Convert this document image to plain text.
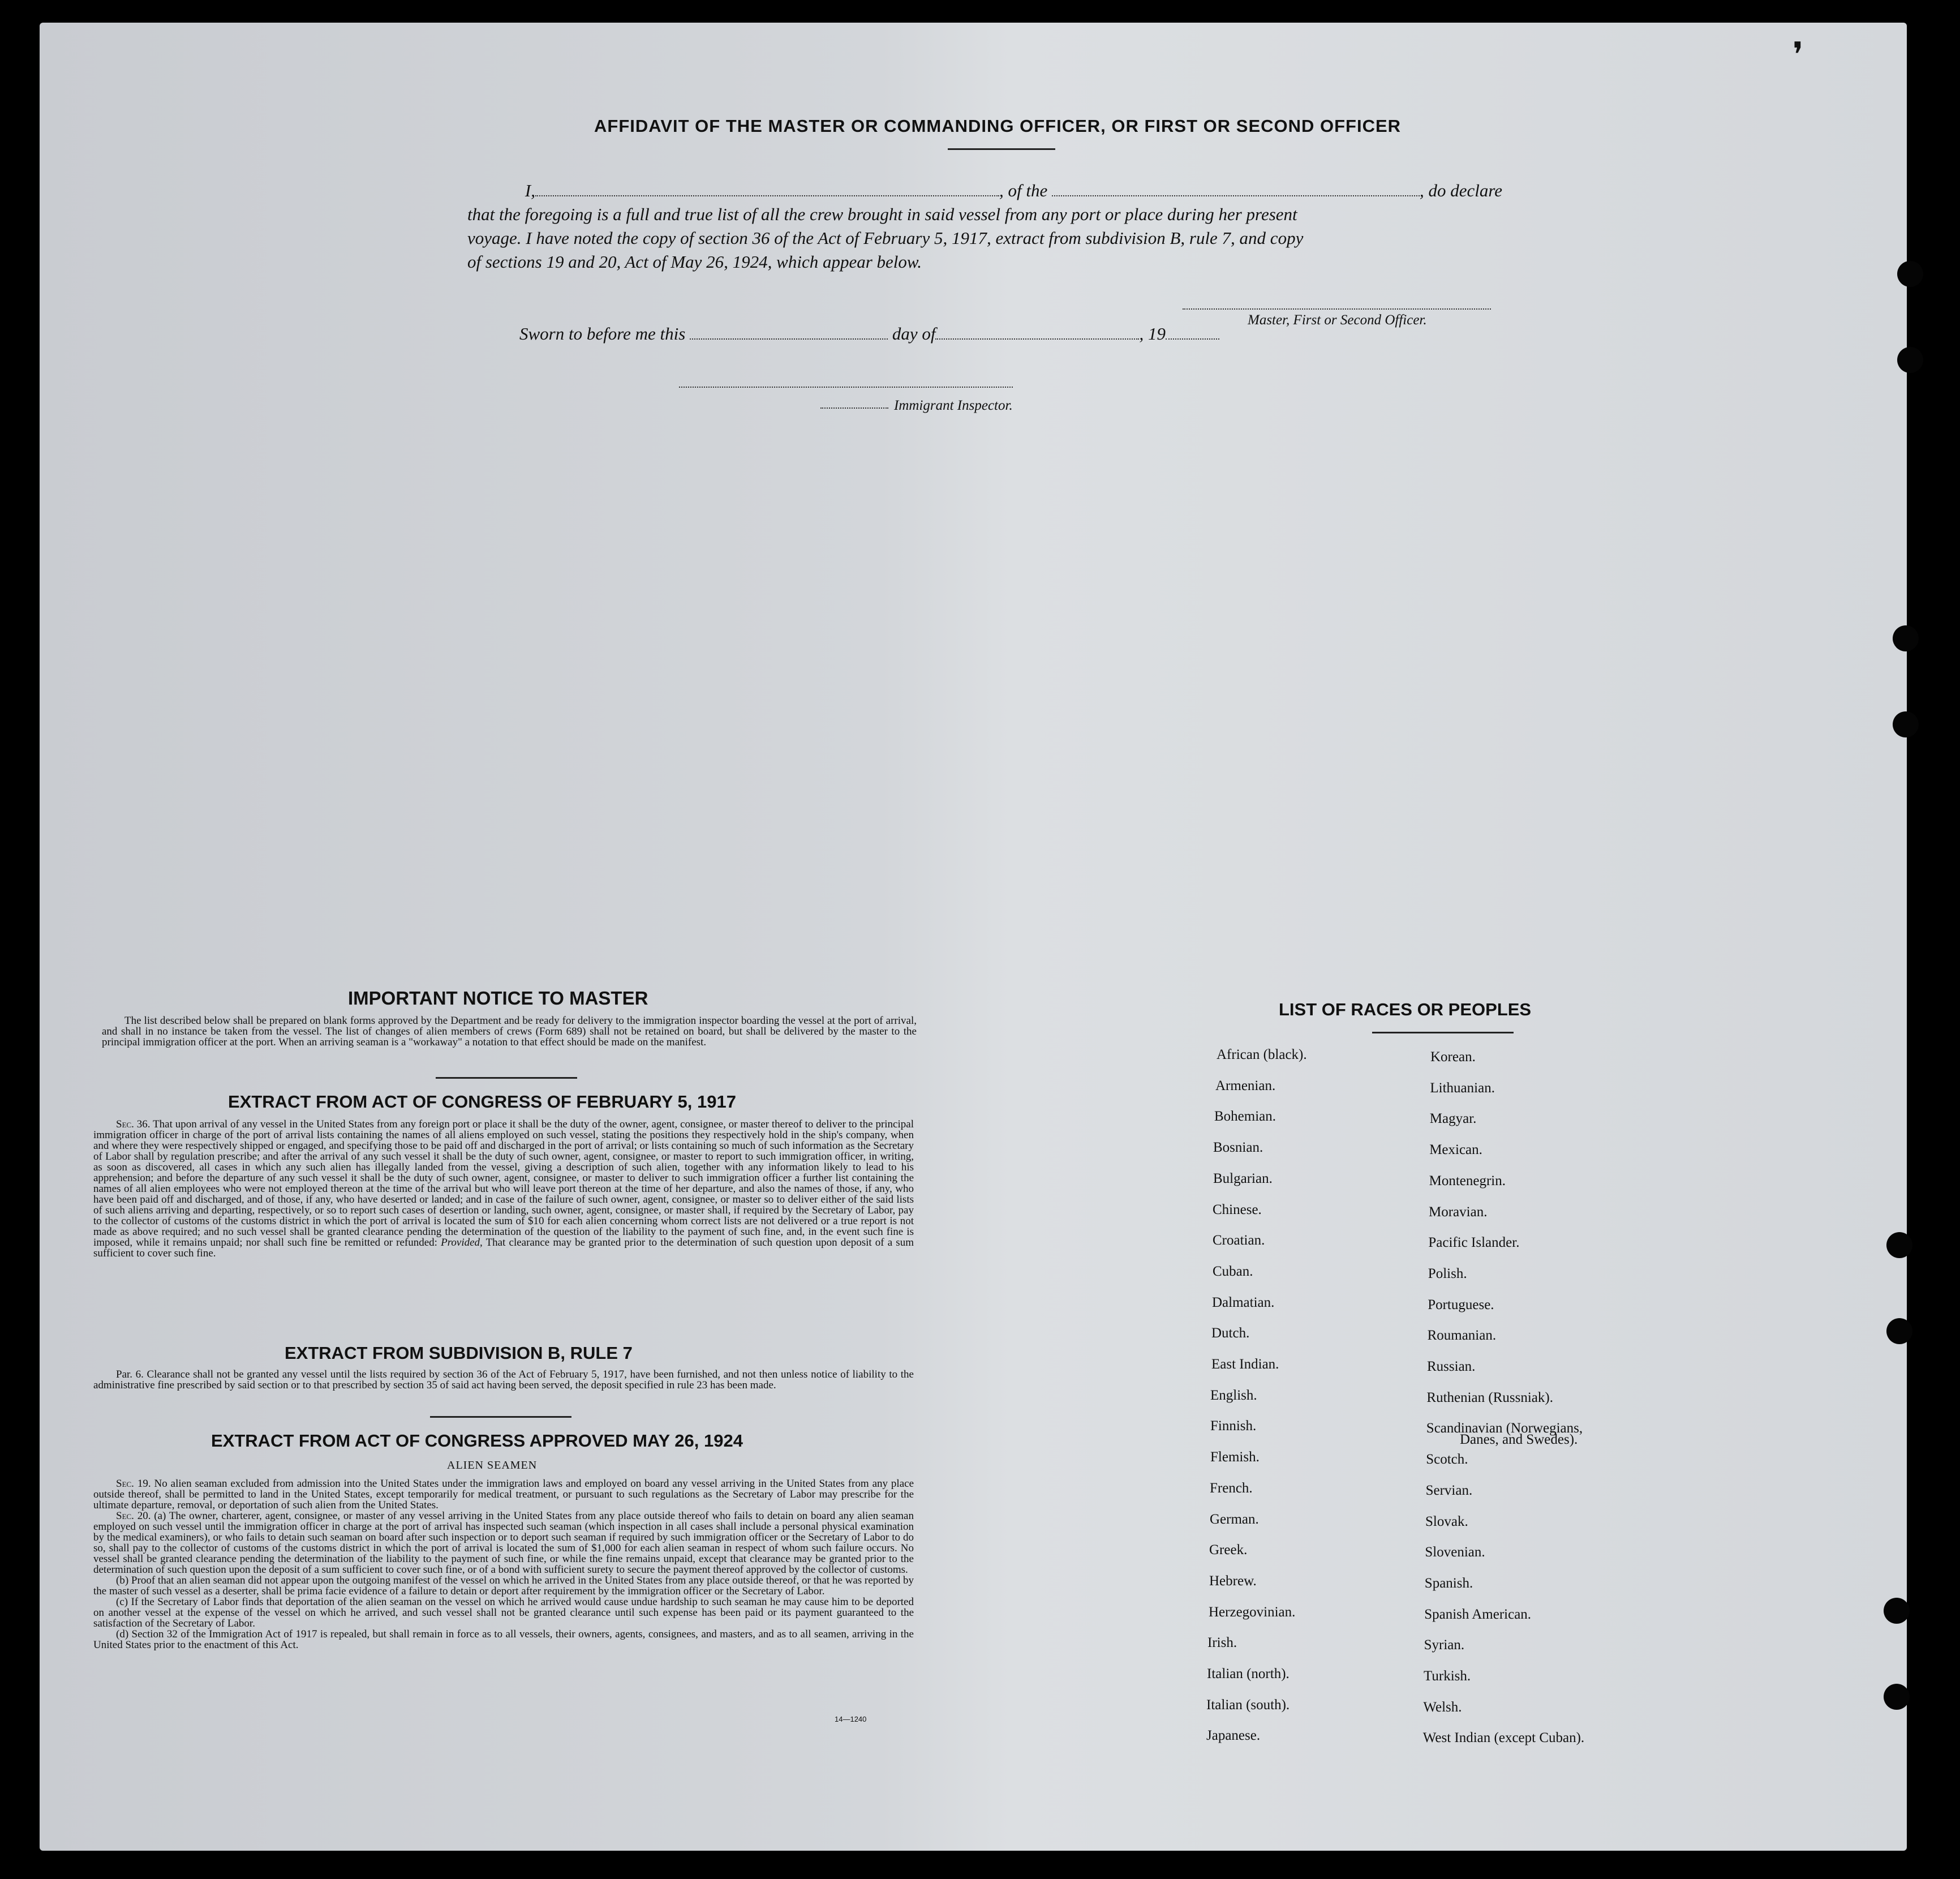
❜
AFFIDAVIT OF THE MASTER OR COMMANDING OFFICER, OR FIRST OR SECOND OFFICER
I,	, of the	, do declare
that the foregoing is a full and true list of all the crew brought in said vessel from any port or place during her present
voyage. I have noted the copy of section 36 of the Act of February 5, 1917, extract from subdivision B, rule 7, and copy
of sections 19 and 20, Act of May 26, 1924, which appear below.
Master, First or Second Officer.
Sworn to before me this	day of	, 19
Immigrant Inspector.
IMPORTANT NOTICE TO MASTER

The list described below shall be prepared on blank forms approved by the Department and be ready for delivery to the immigration inspector boarding the vessel at the port of arrival, and shall in no instance be taken from the vessel. The list of changes of alien members of crews (Form 689) shall not be retained on board, but shall be delivered by the master to the principal immigration officer at the port. When an arriving seaman is a "workaway" a notation to that effect should be made on the manifest.

EXTRACT FROM ACT OF CONGRESS OF FEBRUARY 5, 1917

Sec. 36. That upon arrival of any vessel in the United States from any foreign port or place it shall be the duty of the owner, agent, consignee, or master thereof to deliver to the principal immigration officer in charge of the port of arrival lists containing the names of all aliens employed on such vessel, stating the positions they respectively hold in the ship's company, when and where they were respectively shipped or engaged, and specifying those to be paid off and discharged in the port of arrival; or lists containing so much of such information as the Secretary of Labor shall by regulation prescribe; and after the arrival of any such vessel it shall be the duty of such owner, agent, consignee, or master to report to such immigration officer, in writing, as soon as discovered, all cases in which any such alien has illegally landed from the vessel, giving a description of such alien, together with any information likely to lead to his apprehension; and before the departure of any such vessel it shall be the duty of such owner, agent, consignee, or master to deliver to such immigration officer a further list containing the names of all alien employees who were not employed thereon at the time of the arrival but who will leave port thereon at the time of her departure, and also the names of those, if any, who have been paid off and discharged, and of those, if any, who have deserted or landed; and in case of the failure of such owner, agent, consignee, or master so to deliver either of the said lists of such aliens arriving and departing, respectively, or so to report such cases of desertion or landing, such owner, agent, consignee, or master shall, if required by the Secretary of Labor, pay to the collector of customs of the customs district in which the port of arrival is located the sum of $10 for each alien concerning whom correct lists are not delivered or a true report is not made as above required; and no such vessel shall be granted clearance pending the determination of the question of the liability to the payment of such fine, and, in the event such fine is imposed, while it remains unpaid; nor shall such fine be remitted or refunded: Provided, That clearance may be granted prior to the determination of such question upon deposit of a sum sufficient to cover such fine.

EXTRACT FROM SUBDIVISION B, RULE 7

Par. 6. Clearance shall not be granted any vessel until the lists required by section 36 of the Act of February 5, 1917, have been furnished, and not then unless notice of liability to the administrative fine prescribed by said section or to that prescribed by section 35 of said act having been served, the deposit specified in rule 23 has been made.

EXTRACT FROM ACT OF CONGRESS APPROVED MAY 26, 1924
ALIEN SEAMEN

Sec. 19. No alien seaman excluded from admission into the United States under the immigration laws and employed on board any vessel arriving in the United States from any place outside thereof, shall be permitted to land in the United States, except temporarily for medical treatment, or pursuant to such regulations as the Secretary of Labor may prescribe for the ultimate departure, removal, or deportation of such alien from the United States.

Sec. 20. (a) The owner, charterer, agent, consignee, or master of any vessel arriving in the United States from any place outside thereof who fails to detain on board any alien seaman employed on such vessel until the immigration officer in charge at the port of arrival has inspected such seaman (which inspection in all cases shall include a personal physical examination by the medical examiners), or who fails to detain such seaman on board after such inspection or to deport such seaman if required by such immigration officer or the Secretary of Labor to do so, shall pay to the collector of customs of the customs district in which the port of arrival is located the sum of $1,000 for each alien seaman in respect of whom such failure occurs. No vessel shall be granted clearance pending the determination of the liability to the payment of such fine, or while the fine remains unpaid, except that clearance may be granted prior to the determination of such question upon the deposit of a sum sufficient to cover such fine, or of a bond with sufficient surety to secure the payment thereof approved by the collector of customs.

(b) Proof that an alien seaman did not appear upon the outgoing manifest of the vessel on which he arrived in the United States from any place outside thereof, or that he was reported by the master of such vessel as a deserter, shall be prima facie evidence of a failure to detain or deport after requirement by the immigration officer or the Secretary of Labor.

(c) If the Secretary of Labor finds that deportation of the alien seaman on the vessel on which he arrived would cause undue hardship to such seaman he may cause him to be deported on another vessel at the expense of the vessel on which he arrived, and such vessel shall not be granted clearance until such expense has been paid or its payment guaranteed to the satisfaction of the Secretary of Labor.

(d) Section 32 of the Immigration Act of 1917 is repealed, but shall remain in force as to all vessels, their owners, agents, consignees, and masters, and as to all seamen, arriving in the United States prior to the enactment of this Act.

14—1240
LIST OF RACES OR PEOPLES
African (black).
Armenian.
Bohemian.
Bosnian.
Bulgarian.
Chinese.
Croatian.
Cuban.
Dalmatian.
Dutch.
East Indian.
English.
Finnish.
Flemish.
French.
German.
Greek.
Hebrew.
Herzegovinian.
Irish.
Italian (north).
Italian (south).
Japanese.
Korean.
Lithuanian.
Magyar.
Mexican.
Montenegrin.
Moravian.
Pacific Islander.
Polish.
Portuguese.
Roumanian.
Russian.
Ruthenian (Russniak).
Scandinavian (Norwegians,
Scotch.
Servian.
Slovak.
Slovenian.
Spanish.
Spanish American.
Syrian.
Turkish.
Welsh.
West Indian (except Cuban).
Danes, and Swedes).
